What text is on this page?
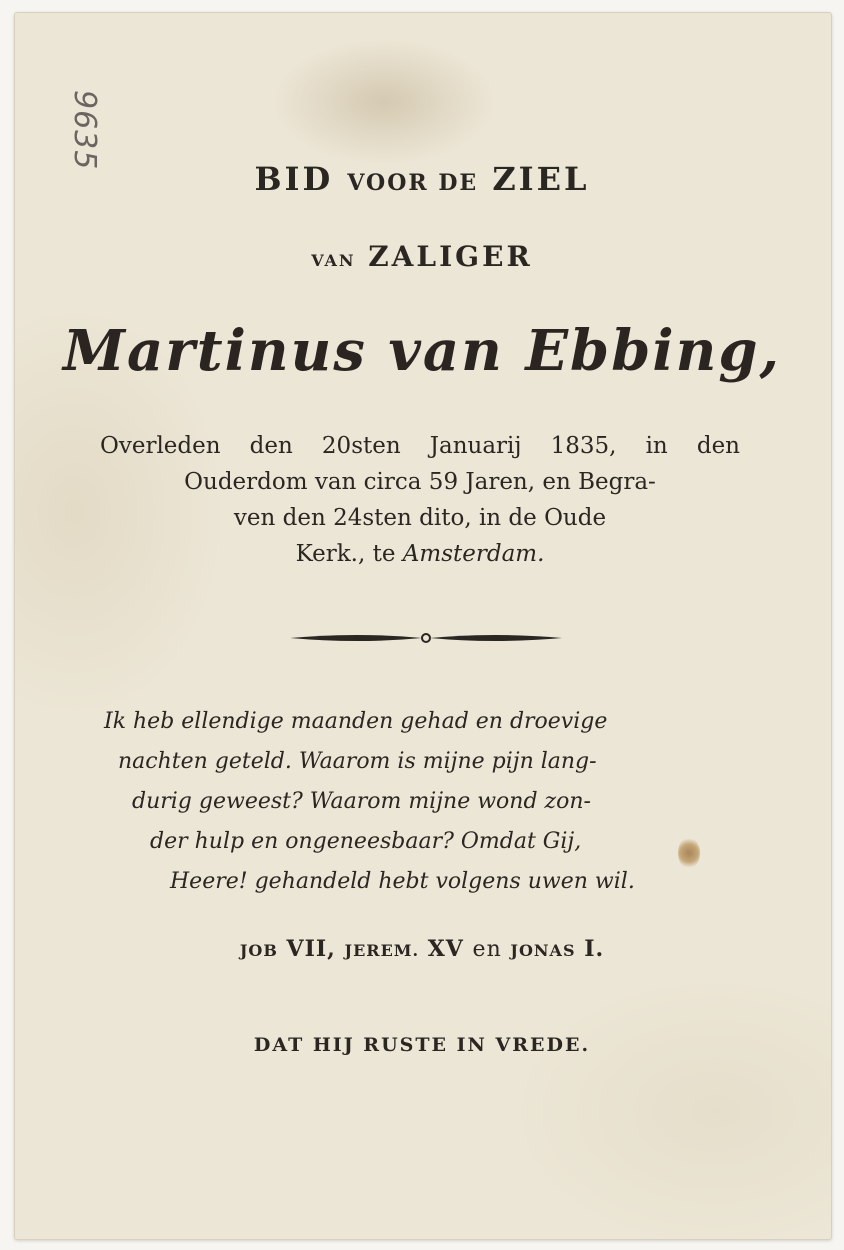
9635
BID VOOR DE ZIEL
VAN ZALIGER
Martinus van Ebbing,
Overleden den 20sten Januarij 1835, in den
Ouderdom van circa 59 Jaren, en Begra-
ven den 24sten dito, in de Oude
Kerk., te Amsterdam.
Ik heb ellendige maanden gehad en droevige
nachten geteld. Waarom is mijne pijn lang-
durig geweest? Waarom mijne wond zon-
der hulp en ongeneesbaar? Omdat Gij,
Heere! gehandeld hebt volgens uwen wil.
JOB VII, JEREM. XV en JONAS I.
DAT HIJ RUSTE IN VREDE.
